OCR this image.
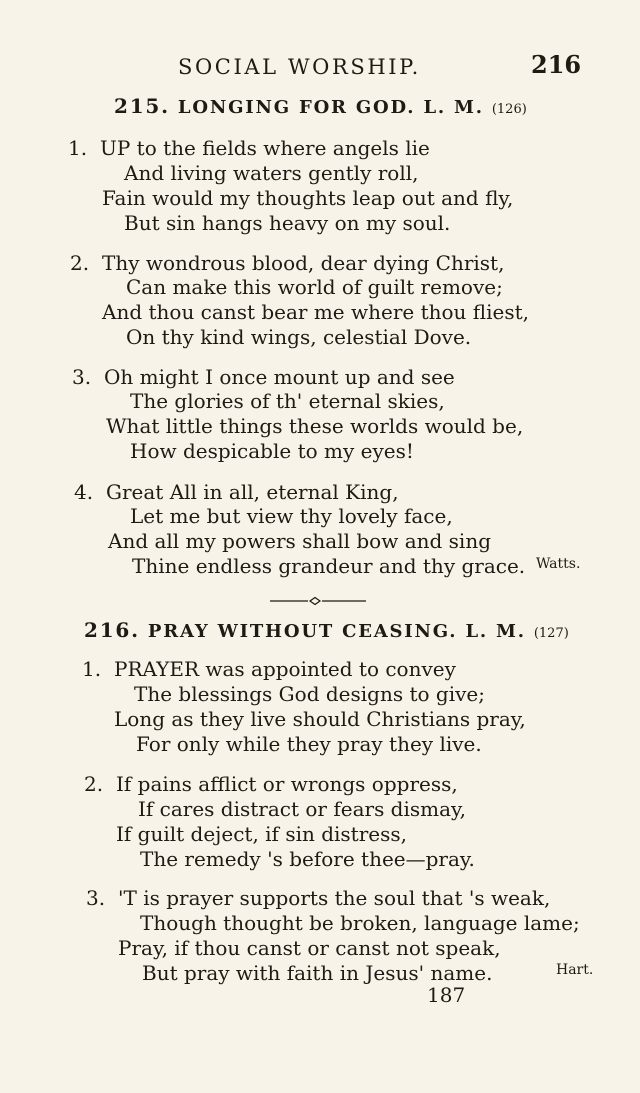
SOCIAL WORSHIP.	216
215. LONGING FOR GOD. L. M. (126)
1. UP to the fields where angels lie
And living waters gently roll,
Fain would my thoughts leap out and fly,
But sin hangs heavy on my soul.
2. Thy wondrous blood, dear dying Christ,
Can make this world of guilt remove;
And thou canst bear me where thou fliest,
On thy kind wings, celestial Dove.
3. Oh might I once mount up and see
The glories of th' eternal skies,
What little things these worlds would be,
How despicable to my eyes!
4. Great All in all, eternal King,
Let me but view thy lovely face,
And all my powers shall bow and sing
Thine endless grandeur and thy grace. Watts.
216. PRAY WITHOUT CEASING. L. M. (127)
1. PRAYER was appointed to convey
The blessings God designs to give;
Long as they live should Christians pray,
For only while they pray they live.
2. If pains afflict or wrongs oppress,
If cares distract or fears dismay,
If guilt deject, if sin distress,
The remedy 's before thee—pray.
3. 'T is prayer supports the soul that 's weak,
Though thought be broken, language lame;
Pray, if thou canst or canst not speak,
But pray with faith in Jesus' name.	Hart.
187
